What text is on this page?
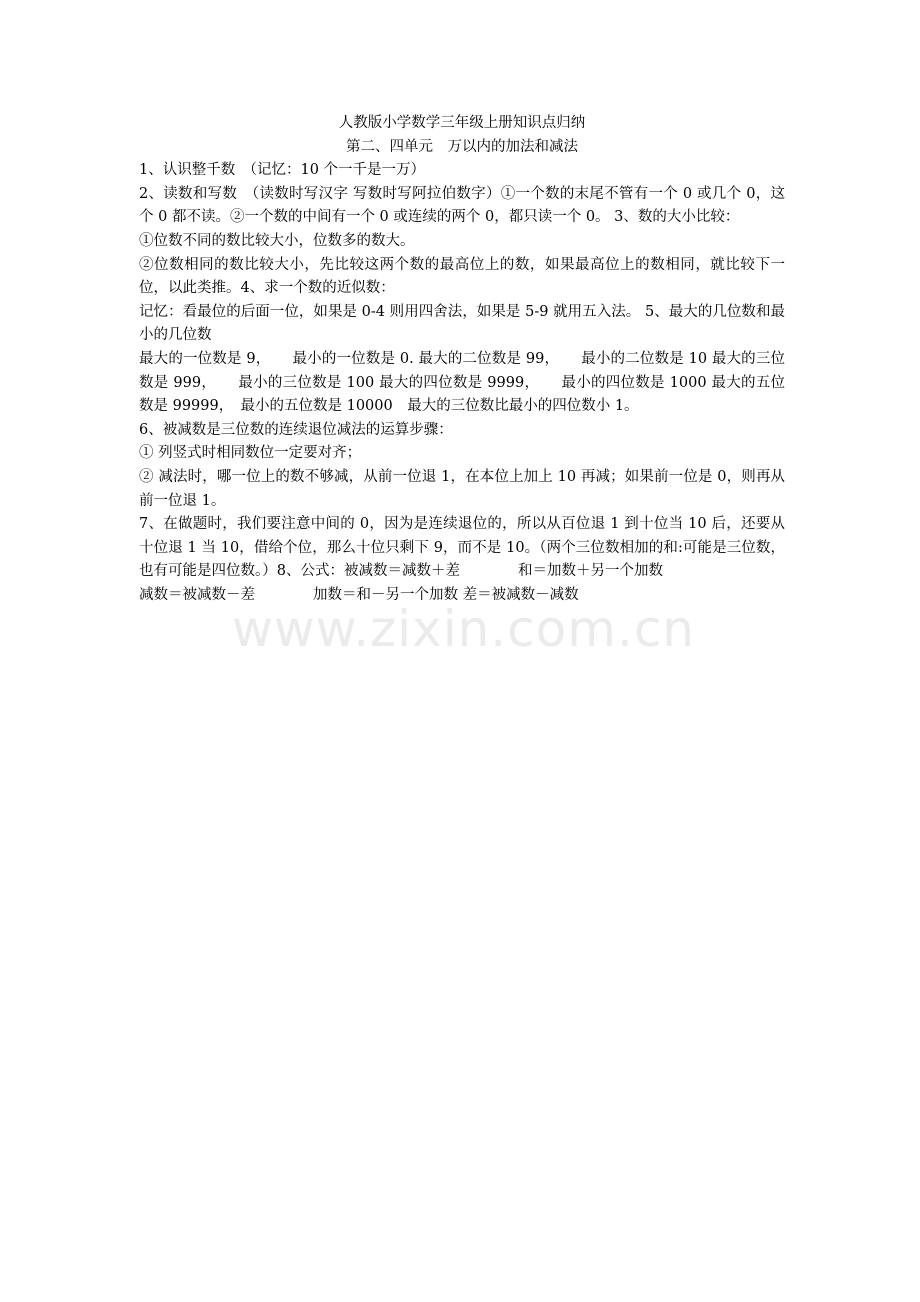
人教版小学数学三年级上册知识点归纳
第二、四单元　万以内的加法和减法
1、认识整千数　（记忆：10 个一千是一万）
2、读数和写数　（读数时写汉字 写数时写阿拉伯数字）①一个数的末尾不管有一个 0 或几个 0，这个 0 都不读。②一个数的中间有一个 0 或连续的两个 0，都只读一个 0。 3、数的大小比较：
①位数不同的数比较大小，位数多的数大。
②位数相同的数比较大小，先比较这两个数的最高位上的数，如果最高位上的数相同，就比较下一位，以此类推。4、求一个数的近似数：
记忆：看最位的后面一位，如果是 0-4 则用四舍法，如果是 5-9 就用五入法。 5、最大的几位数和最小的几位数
最大的一位数是 9，　　最小的一位数是 0. 最大的二位数是 99，　　最小的二位数是 10 最大的三位数是 999，　　最小的三位数是 100 最大的四位数是 9999，　　最小的四位数是 1000 最大的五位数是 99999，　最小的五位数是 10000　最大的三位数比最小的四位数小 1。
6、被减数是三位数的连续退位减法的运算步骤：
① 列竖式时相同数位一定要对齐；
② 减法时，哪一位上的数不够减，从前一位退 1，在本位上加上 10 再减；如果前一位是 0，则再从前一位退 1。
7、在做题时，我们要注意中间的 0，因为是连续退位的，所以从百位退 1 到十位当 10 后，还要从十位退 1 当 10，借给个位，那么十位只剩下 9，而不是 10。（两个三位数相加的和:可能是三位数，也有可能是四位数。）8、公式：被减数＝减数＋差　　　　和＝加数＋另一个加数
减数＝被减数－差　　　　加数＝和－另一个加数 差＝被减数－减数
www.zixin.com.cn
